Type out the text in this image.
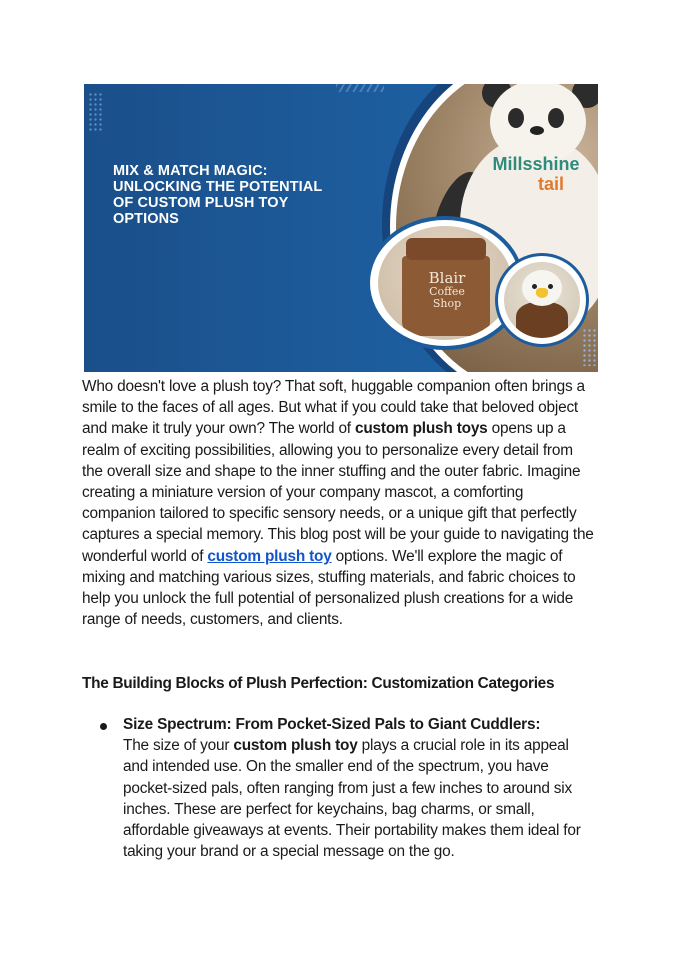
MIX & MATCH MAGIC: UNLOCKING THE POTENTIAL OF CUSTOM PLUSH TOY OPTIONS
Millsshine
tail
Blair
Coffee
Shop

Who doesn't love a plush toy? That soft, huggable companion often brings a smile to the faces of all ages. But what if you could take that beloved object and make it truly your own? The world of custom plush toys opens up a realm of exciting possibilities, allowing you to personalize every detail from the overall size and shape to the inner stuffing and the outer fabric. Imagine creating a miniature version of your company mascot, a comforting companion tailored to specific sensory needs, or a unique gift that perfectly captures a special memory. This blog post will be your guide to navigating the wonderful world of custom plush toy options. We'll explore the magic of mixing and matching various sizes, stuffing materials, and fabric choices to help you unlock the full potential of personalized plush creations for a wide range of needs, customers, and clients.

The Building Blocks of Plush Perfection: Customization Categories
Size Spectrum: From Pocket-Sized Pals to Giant Cuddlers:
The size of your custom plush toy plays a crucial role in its appeal and intended use. On the smaller end of the spectrum, you have pocket-sized pals, often ranging from just a few inches to around six inches. These are perfect for keychains, bag charms, or small, affordable giveaways at events. Their portability makes them ideal for taking your brand or a special message on the go.
